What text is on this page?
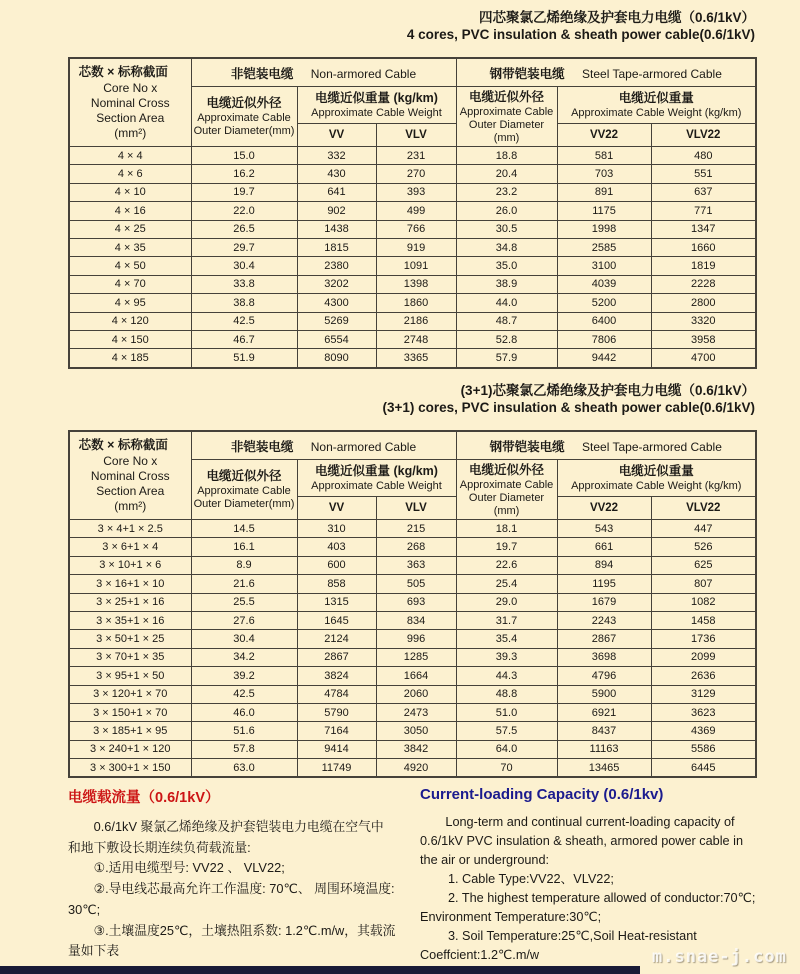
四芯聚氯乙烯绝缘及护套电力电缆（0.6/1kV）
4 cores, PVC insulation & sheath power cable(0.6/1kV)
芯数 × 标称截面
Core No x
Nominal Cross
Section Area
(mm²)	非铠装电缆 Non-armored Cable			钢带铠装电缆 Steel Tape-armored Cable		

	电缆近似外径
Approximate Cable
Outer Diameter(mm)	电缆近似重量 (kg/km)
Approximate Cable Weight		电缆近似外径
Approximate Cable
Outer Diameter
(mm)	电缆近似重量
Approximate Cable Weight (kg/km)	

		VV	VLV		VV22	VLV22
4 × 4	15.0	332	231	18.8	581	480
4 × 6	16.2	430	270	20.4	703	551
4 × 10	19.7	641	393	23.2	891	637
4 × 16	22.0	902	499	26.0	1175	771
4 × 25	26.5	1438	766	30.5	1998	1347
4 × 35	29.7	1815	919	34.8	2585	1660
4 × 50	30.4	2380	1091	35.0	3100	1819
4 × 70	33.8	3202	1398	38.9	4039	2228
4 × 95	38.8	4300	1860	44.0	5200	2800
4 × 120	42.5	5269	2186	48.7	6400	3320
4 × 150	46.7	6554	2748	52.8	7806	3958
4 × 185	51.9	8090	3365	57.9	9442	4700
(3+1)芯聚氯乙烯绝缘及护套电力电缆（0.6/1kV）
(3+1) cores, PVC insulation & sheath power cable(0.6/1kV)
芯数 × 标称截面
Core No x
Nominal Cross
Section Area
(mm²)	非铠装电缆 Non-armored Cable			钢带铠装电缆 Steel Tape-armored Cable		

	电缆近似外径
Approximate Cable
Outer Diameter(mm)	电缆近似重量 (kg/km)
Approximate Cable Weight		电缆近似外径
Approximate Cable
Outer Diameter
(mm)	电缆近似重量
Approximate Cable Weight (kg/km)	

		VV	VLV		VV22	VLV22
3 × 4+1 × 2.5	14.5	310	215	18.1	543	447
3 × 6+1 × 4	16.1	403	268	19.7	661	526
3 × 10+1 × 6	8.9	600	363	22.6	894	625
3 × 16+1 × 10	21.6	858	505	25.4	1195	807
3 × 25+1 × 16	25.5	1315	693	29.0	1679	1082
3 × 35+1 × 16	27.6	1645	834	31.7	2243	1458
3 × 50+1 × 25	30.4	2124	996	35.4	2867	1736
3 × 70+1 × 35	34.2	2867	1285	39.3	3698	2099
3 × 95+1 × 50	39.2	3824	1664	44.3	4796	2636
3 × 120+1 × 70	42.5	4784	2060	48.8	5900	3129
3 × 150+1 × 70	46.0	5790	2473	51.0	6921	3623
3 × 185+1 × 95	51.6	7164	3050	57.5	8437	4369
3 × 240+1 × 120	57.8	9414	3842	64.0	11163	5586
3 × 300+1 × 150	63.0	11749	4920	70	13465	6445
电缆载流量（0.6/1kV）

0.6/1kV 聚氯乙烯绝缘及护套铠装电力电缆在空气中和地下敷设长期连续负荷载流量:

①.适用电缆型号: VV22 、 VLV22;

②.导电线芯最高允许工作温度: 70℃、 周围环境温度: 30℃;

③.土壤温度25℃，土壤热阻系数: 1.2℃.m/w，其载流量如下表

Current-loading Capacity (0.6/1kv)

Long-term and continual current-loading capacity of 0.6/1kV PVC insulation & sheath, armored power cable in the air or underground:

1. Cable Type:VV22、VLV22;

2. The highest temperature allowed of conductor:70℃; Environment Temperature:30℃;

3. Soil Temperature:25℃,Soil Heat-resistant Coeffcient:1.2℃.m/w	m.snae-j.com
